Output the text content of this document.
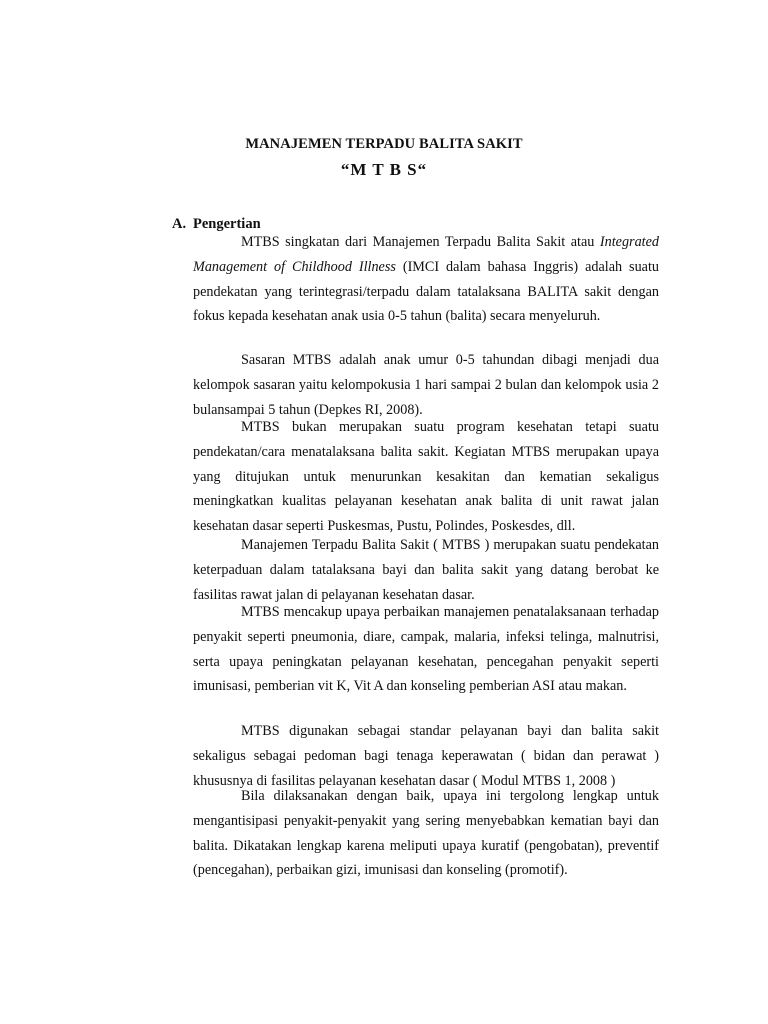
MANAJEMEN TERPADU BALITA SAKIT
“M T B S“
A. Pengertian

MTBS singkatan dari Manajemen Terpadu Balita Sakit atau Integrated Management of Childhood Illness (IMCI dalam bahasa Inggris) adalah suatu pendekatan yang terintegrasi/terpadu dalam tatalaksana BALITA sakit dengan fokus kepada kesehatan anak usia 0-5 tahun (balita) secara menyeluruh.

Sasaran MTBS adalah anak umur 0-5 tahundan dibagi menjadi dua kelompok sasaran yaitu kelompokusia 1 hari sampai 2 bulan dan kelompok usia 2 bulansampai 5 tahun (Depkes RI, 2008).

MTBS bukan merupakan suatu program kesehatan tetapi suatu pendekatan/cara menatalaksana balita sakit. Kegiatan MTBS merupakan upaya yang ditujukan untuk menurunkan kesakitan dan kematian sekaligus meningkatkan kualitas pelayanan kesehatan anak balita di unit rawat jalan kesehatan dasar seperti Puskesmas, Pustu, Polindes, Poskesdes, dll.

Manajemen Terpadu Balita Sakit ( MTBS ) merupakan suatu pendekatan keterpaduan dalam tatalaksana bayi dan balita sakit yang datang berobat ke fasilitas rawat jalan di pelayanan kesehatan dasar.

MTBS mencakup upaya perbaikan manajemen penatalaksanaan terhadap penyakit seperti pneumonia, diare, campak, malaria, infeksi telinga, malnutrisi, serta upaya peningkatan pelayanan kesehatan, pencegahan penyakit seperti imunisasi, pemberian vit K, Vit A dan konseling pemberian ASI atau makan.

MTBS digunakan sebagai standar pelayanan bayi dan balita sakit sekaligus sebagai pedoman bagi tenaga keperawatan ( bidan dan perawat ) khususnya di fasilitas pelayanan kesehatan dasar ( Modul MTBS 1, 2008 )

Bila dilaksanakan dengan baik, upaya ini tergolong lengkap untuk mengantisipasi penyakit-penyakit yang sering menyebabkan kematian bayi dan balita. Dikatakan lengkap karena meliputi upaya kuratif (pengobatan), preventif (pencegahan), perbaikan gizi, imunisasi dan konseling (promotif).
